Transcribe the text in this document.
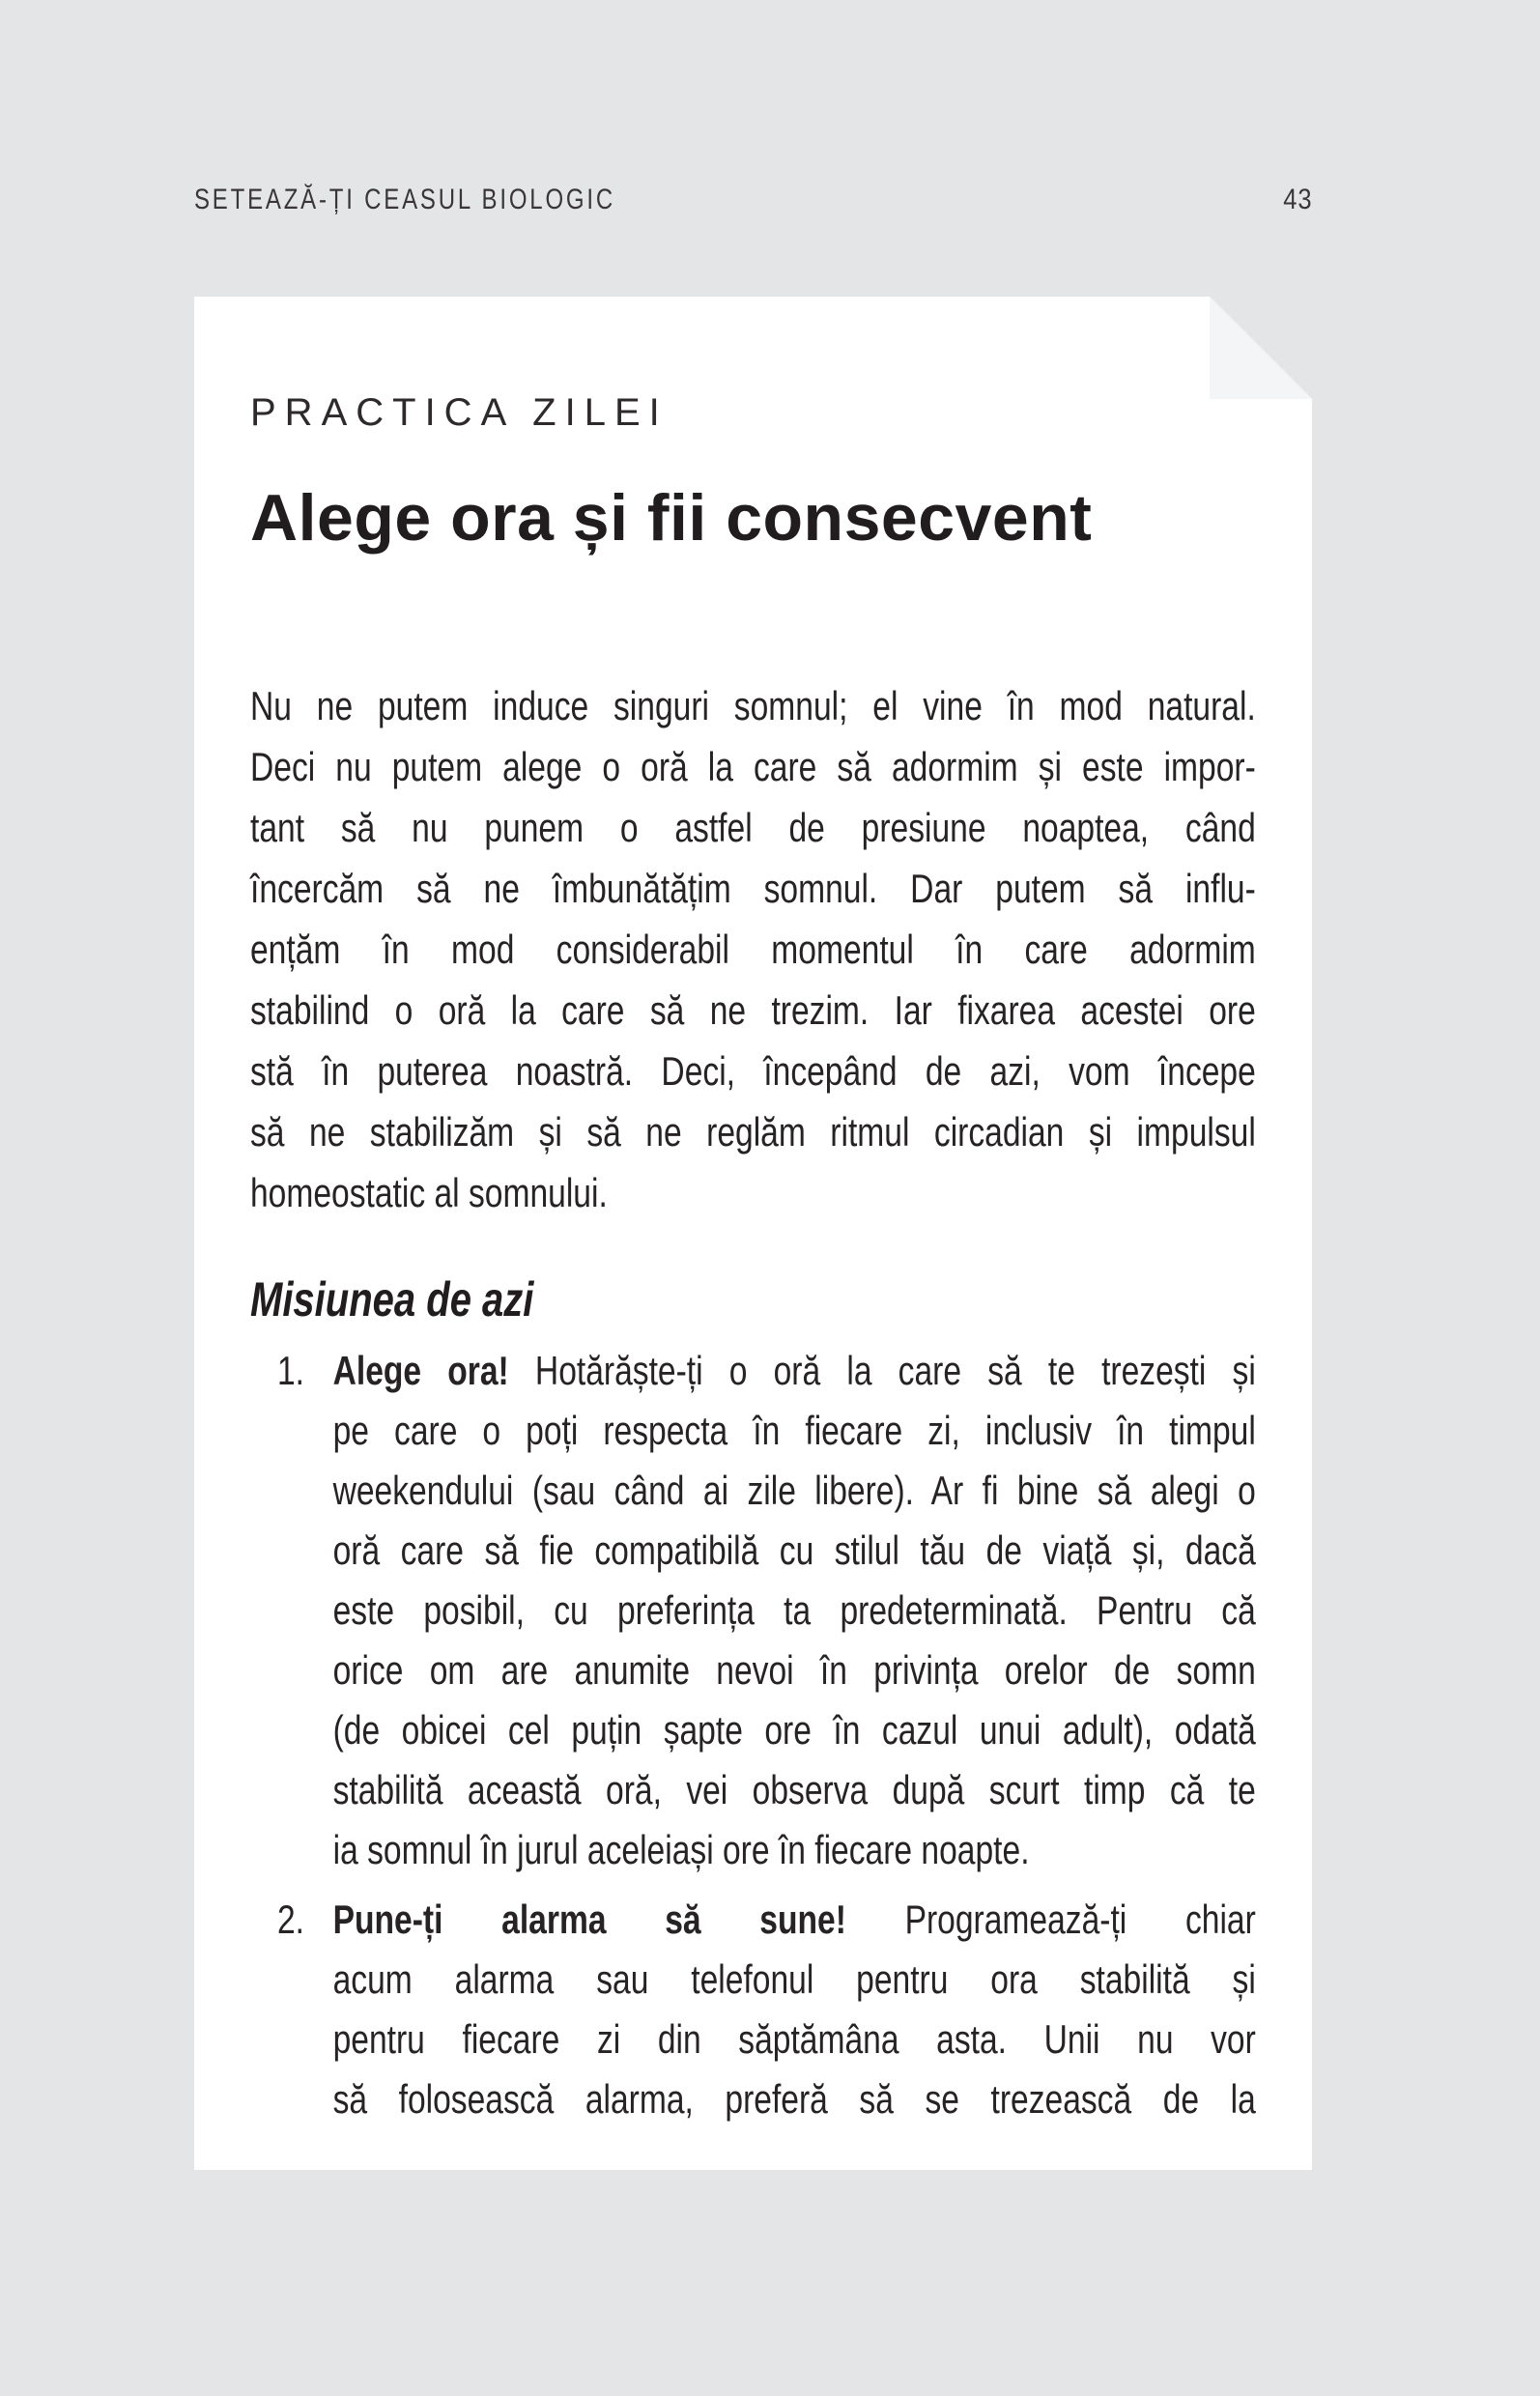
SETEAZĂ-ȚI CEASUL BIOLOGIC	43
PRACTICA ZILEI
Alege ora și fii consecvent
Nu ne putem induce singuri somnul; el vine în mod natural.
Deci nu putem alege o oră la care să adormim și este impor-
tant să nu punem o astfel de presiune noaptea, când
încercăm să ne îmbunătățim somnul. Dar putem să influ-
ențăm în mod considerabil momentul în care adormim
stabilind o oră la care să ne trezim. Iar fixarea acestei ore
stă în puterea noastră. Deci, începând de azi, vom începe
să ne stabilizăm și să ne reglăm ritmul circadian și impulsul
homeostatic al somnului.
Misiunea de azi
1. Alege ora! Hotărăște-ți o oră la care să te trezești și
pe care o poți respecta în fiecare zi, inclusiv în timpul
weekendului (sau când ai zile libere). Ar fi bine să alegi o
oră care să fie compatibilă cu stilul tău de viață și, dacă
este posibil, cu preferința ta predeterminată. Pentru că
orice om are anumite nevoi în privința orelor de somn
(de obicei cel puțin șapte ore în cazul unui adult), odată
stabilită această oră, vei observa după scurt timp că te
ia somnul în jurul aceleiași ore în fiecare noapte.
2. Pune-ți alarma să sune! Programează-ți chiar
acum alarma sau telefonul pentru ora stabilită și
pentru fiecare zi din săptămâna asta. Unii nu vor
să folosească alarma, preferă să se trezească de la
